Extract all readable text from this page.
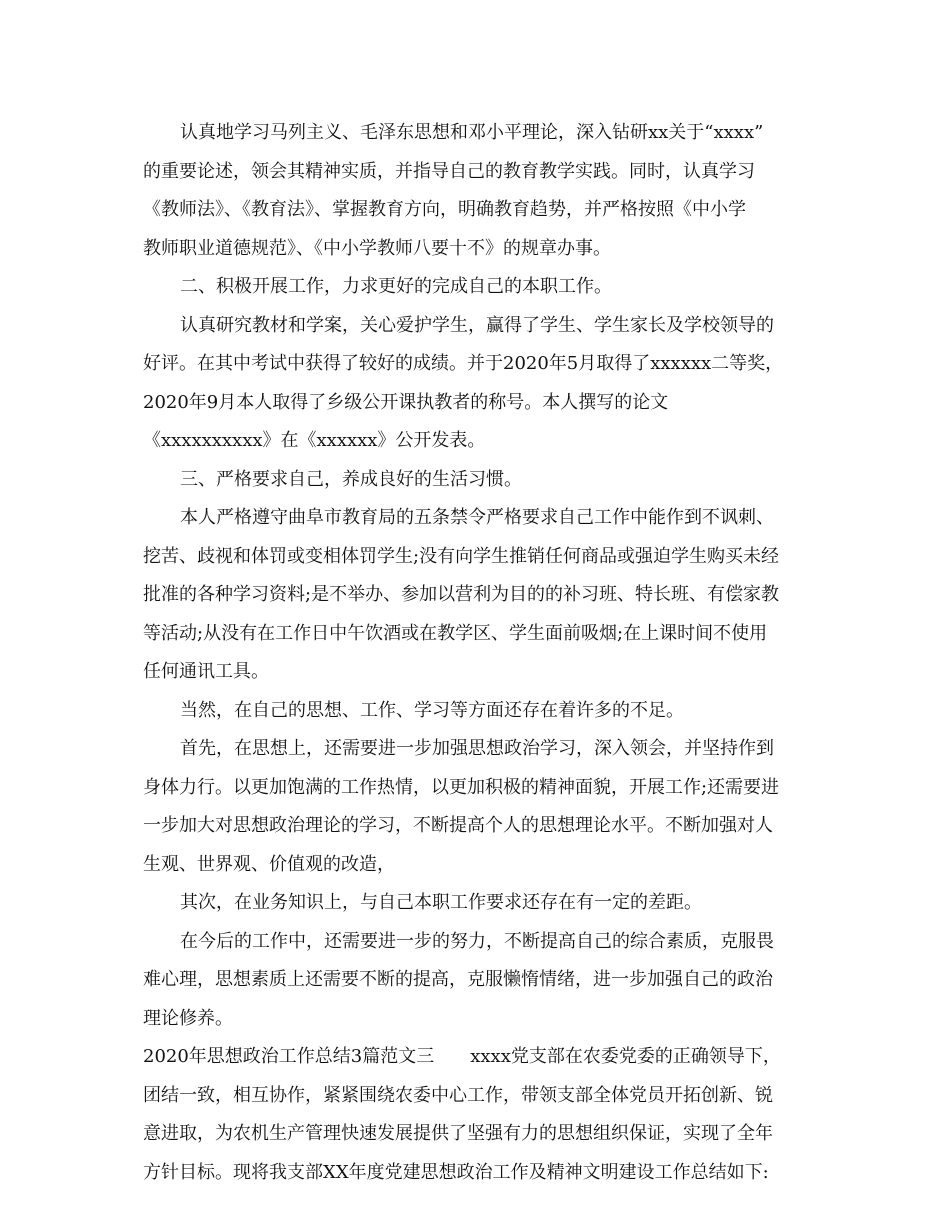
认真地学习马列主义、毛泽东思想和邓小平理论，深入钻研xx关于“xxxx”
的重要论述，领会其精神实质，并指导自己的教育教学实践。同时，认真学习
《教师法》、《教育法》、掌握教育方向，明确教育趋势，并严格按照《中小学
教师职业道德规范》、《中小学教师八要十不》的规章办事。
二、积极开展工作，力求更好的完成自己的本职工作。
认真研究教材和学案，关心爱护学生，赢得了学生、学生家长及学校领导的
好评。在其中考试中获得了较好的成绩。并于2020年5月取得了xxxxxx二等奖，
2020年9月本人取得了乡级公开课执教者的称号。本人撰写的论文
《xxxxxxxxxx》在《xxxxxx》公开发表。
三、严格要求自己，养成良好的生活习惯。
本人严格遵守曲阜市教育局的五条禁令严格要求自己工作中能作到不讽刺、
挖苦、歧视和体罚或变相体罚学生;没有向学生推销任何商品或强迫学生购买未经
批准的各种学习资料;是不举办、参加以营利为目的的补习班、特长班、有偿家教
等活动;从没有在工作日中午饮酒或在教学区、学生面前吸烟;在上课时间不使用
任何通讯工具。
当然，在自己的思想、工作、学习等方面还存在着许多的不足。
首先，在思想上，还需要进一步加强思想政治学习，深入领会，并坚持作到
身体力行。以更加饱满的工作热情，以更加积极的精神面貌，开展工作;还需要进
一步加大对思想政治理论的学习，不断提高个人的思想理论水平。不断加强对人
生观、世界观、价值观的改造，
其次，在业务知识上，与自己本职工作要求还存在有一定的差距。
在今后的工作中，还需要进一步的努力，不断提高自己的综合素质，克服畏
难心理，思想素质上还需要不断的提高，克服懒惰情绪，进一步加强自己的政治
理论修养。
2020年思想政治工作总结3篇范文三　　xxxx党支部在农委党委的正确领导下，
团结一致，相互协作，紧紧围绕农委中心工作，带领支部全体党员开拓创新、锐
意进取，为农机生产管理快速发展提供了坚强有力的思想组织保证，实现了全年
方针目标。现将我支部XX年度党建思想政治工作及精神文明建设工作总结如下:
